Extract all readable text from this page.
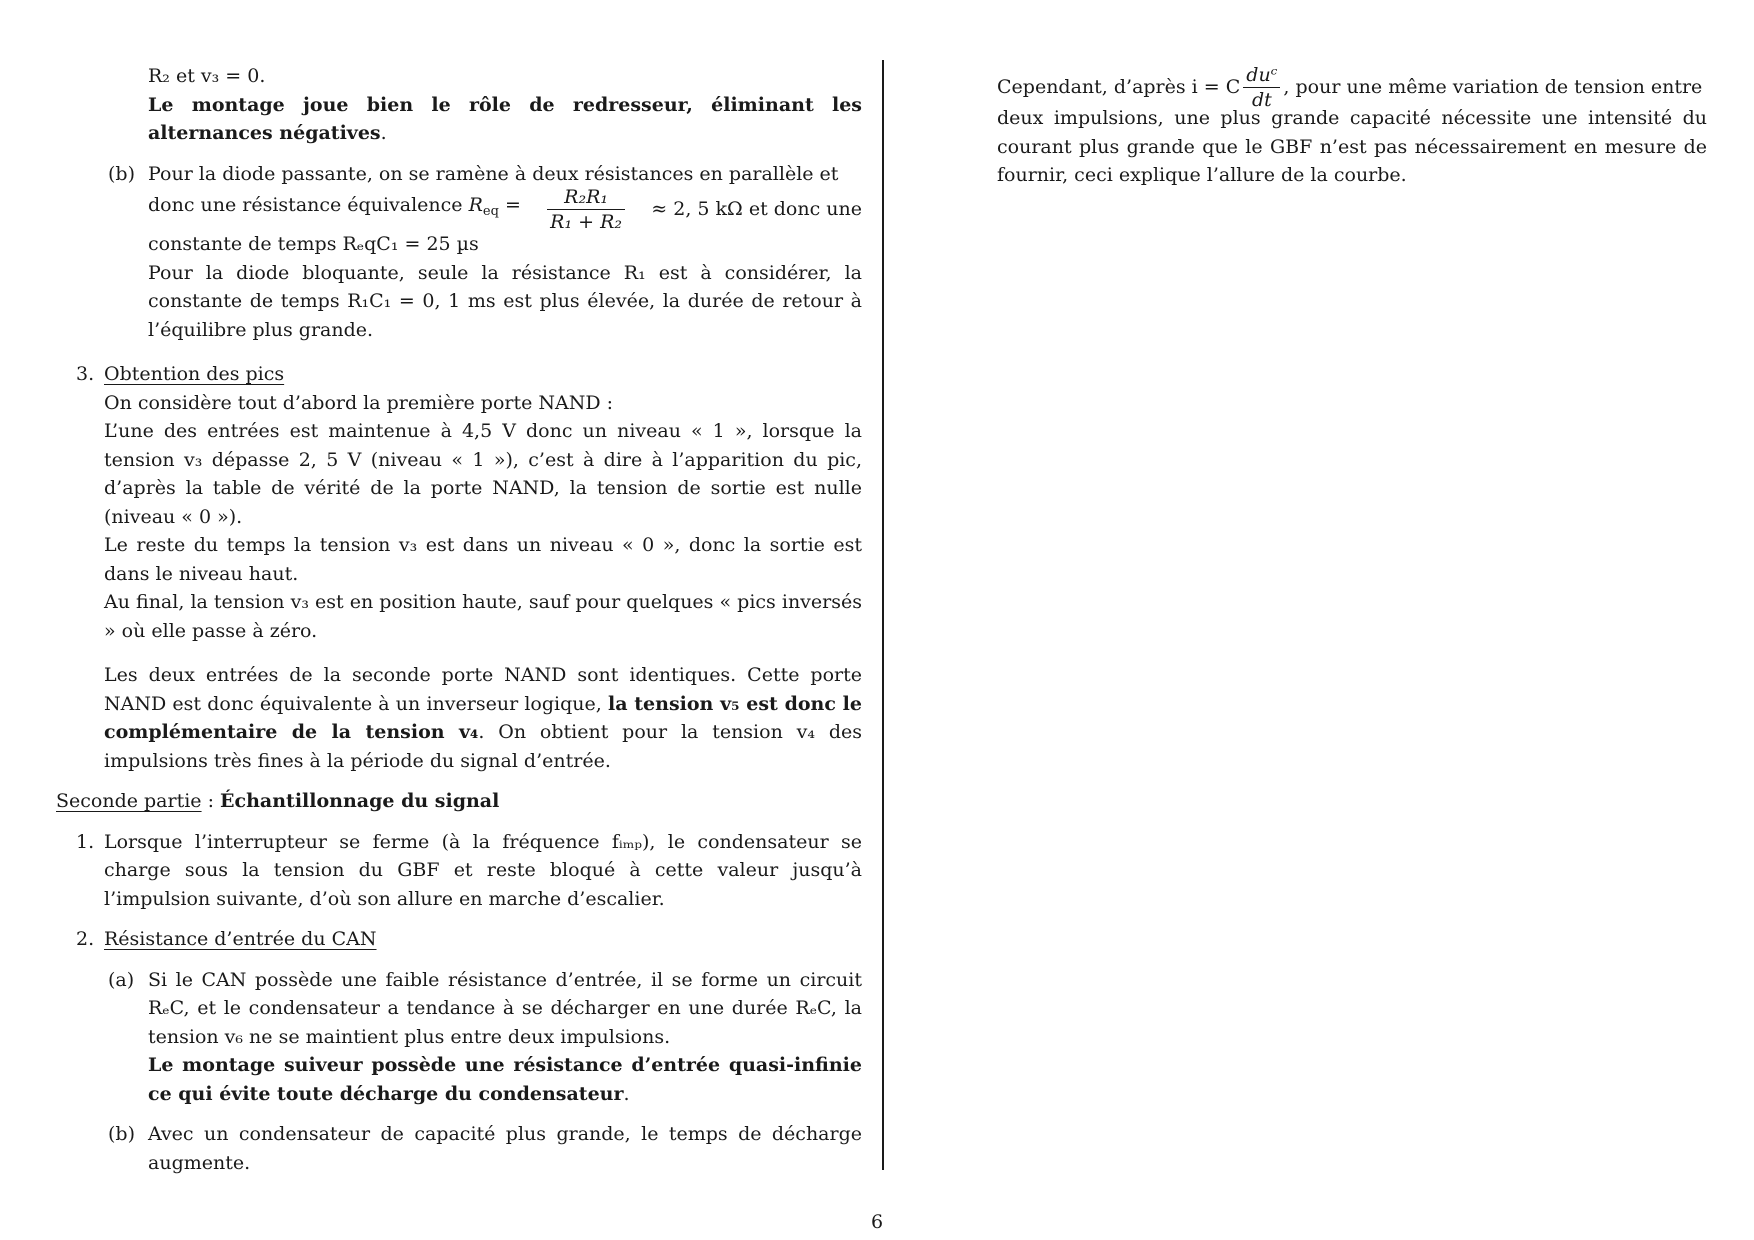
R₂ et v₃ = 0.
Le montage joue bien le rôle de redresseur, éliminant les alternances négatives.
(b) Pour la diode passante, on se ramène à deux résistances en parallèle et
donc une résistance équivalence $R_{eq} = \frac{\text{R₂R₁}}{\text{R₁ + R₂}} \approx 2$, 5 kΩ et donc une
constante de temps RₑqC₁ = 25 µs
Pour la diode bloquante, seule la résistance R₁ est à considérer, la constante de temps R₁C₁ = 0, 1 ms est plus élevée, la durée de retour à l’équilibre plus grande.
3. Obtention des pics
On considère tout d’abord la première porte NAND :
L’une des entrées est maintenue à 4,5 V donc un niveau « 1 », lorsque la tension v₃ dépasse 2, 5 V (niveau « 1 »), c’est à dire à l’apparition du pic, d’après la table de vérité de la porte NAND, la tension de sortie est nulle (niveau « 0 »).
Le reste du temps la tension v₃ est dans un niveau « 0 », donc la sortie est dans le niveau haut.
Au final, la tension v₃ est en position haute, sauf pour quelques « pics inversés » où elle passe à zéro.
Les deux entrées de la seconde porte NAND sont identiques. Cette porte NAND est donc équivalente à un inverseur logique, la tension v₅ est donc le complémentaire de la tension v₄. On obtient pour la tension v₄ des impulsions très fines à la période du signal d’entrée.
Seconde partie : Échantillonnage du signal
1. Lorsque l’interrupteur se ferme (à la fréquence fᵢₘₚ), le condensateur se charge sous la tension du GBF et reste bloqué à cette valeur jusqu’à l’impulsion suivante, d’où son allure en marche d’escalier.
2. Résistance d’entrée du CAN
(a) Si le CAN possède une faible résistance d’entrée, il se forme un circuit RₑC, et le condensateur a tendance à se décharger en une durée RₑC, la tension v₆ ne se maintient plus entre deux impulsions.
Le montage suiveur possède une résistance d’entrée quasi-infinie ce qui évite toute décharge du condensateur.
(b) Avec un condensateur de capacité plus grande, le temps de décharge augmente.
Cependant, d’après i = C $\frac{\text{duᶜ}}{dt}$ , pour une même variation de tension entre
deux impulsions, une plus grande capacité nécessite une intensité du courant plus grande que le GBF n’est pas nécessairement en mesure de fournir, ceci explique l’allure de la courbe.
6
